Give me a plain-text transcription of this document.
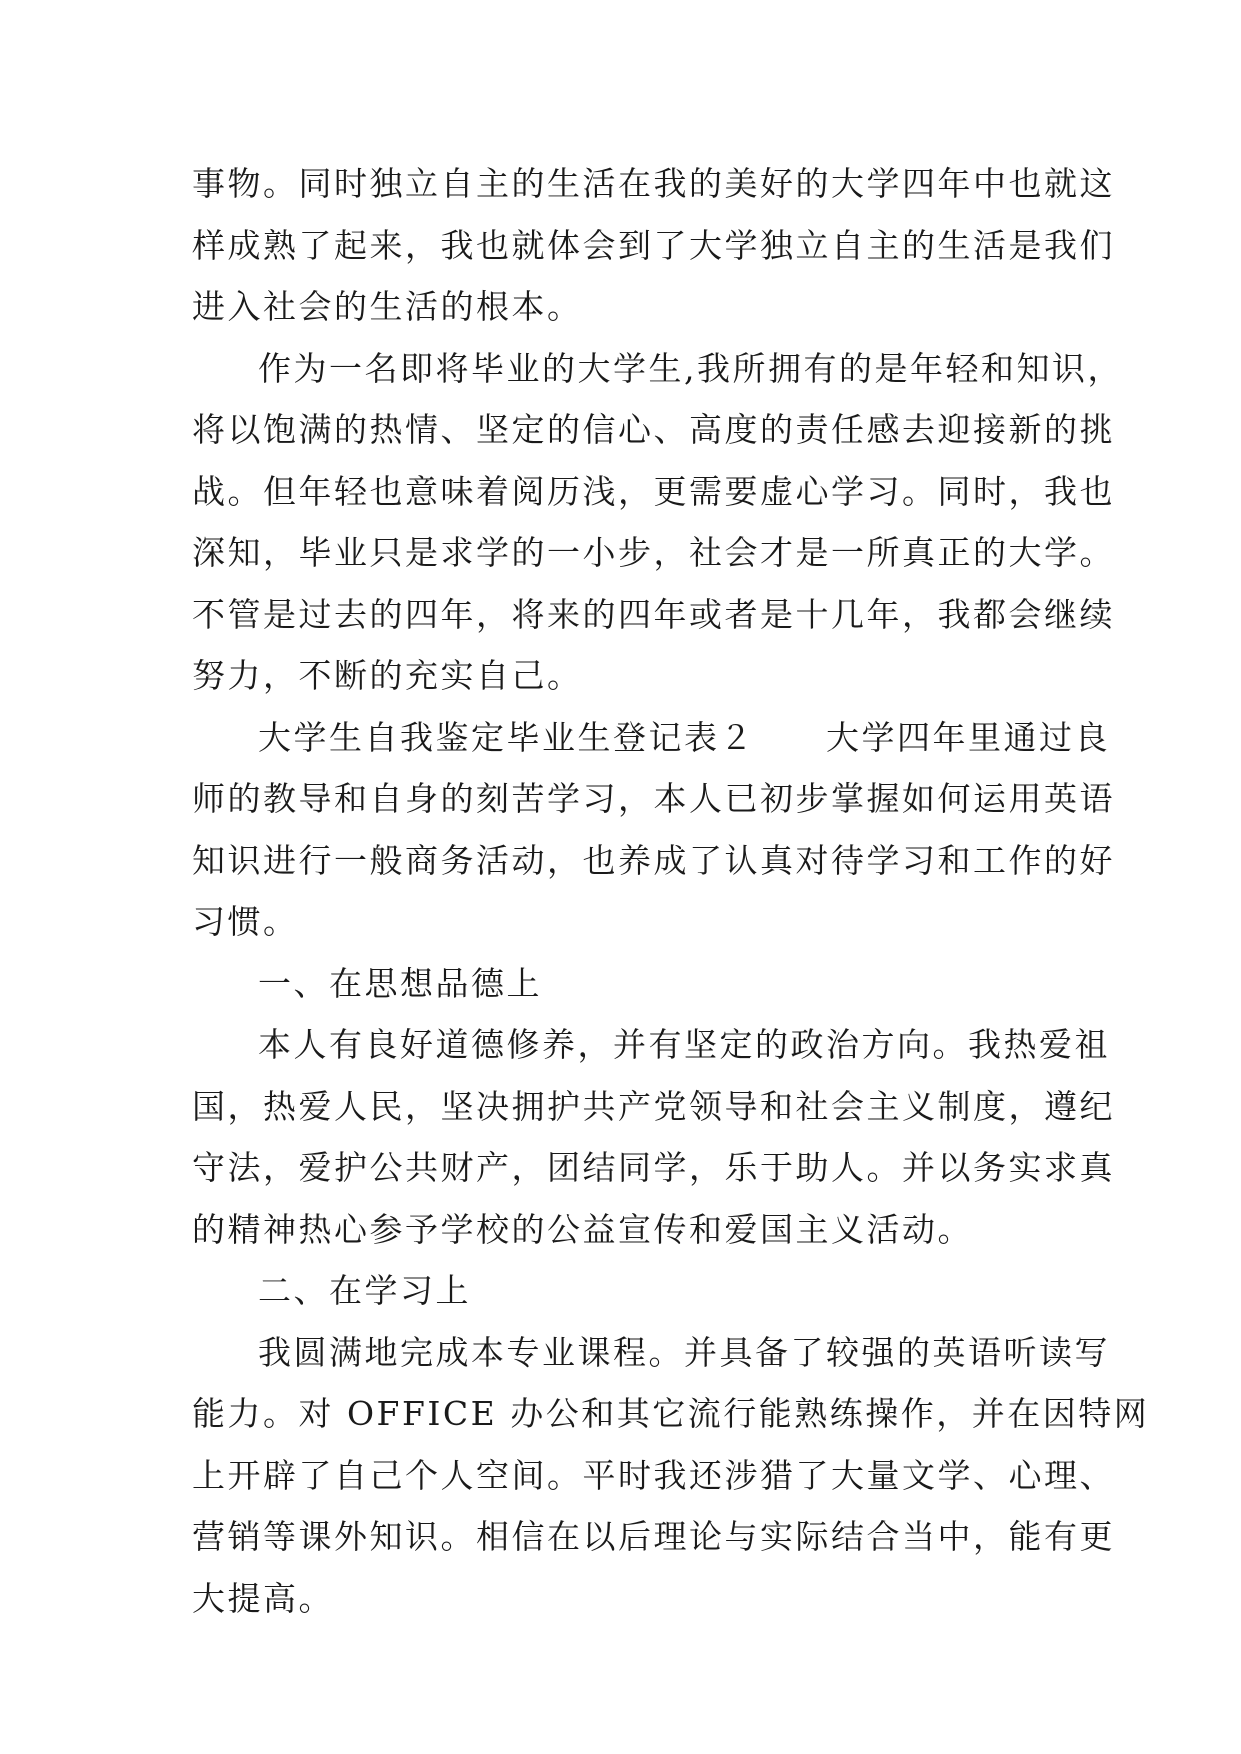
事物。同时独立自主的生活在我的美好的大学四年中也就这
样成熟了起来，我也就体会到了大学独立自主的生活是我们
进入社会的生活的根本。
作为一名即将毕业的大学生,我所拥有的是年轻和知识，
将以饱满的热情、坚定的信心、高度的责任感去迎接新的挑
战。但年轻也意味着阅历浅，更需要虚心学习。同时，我也
深知，毕业只是求学的一小步，社会才是一所真正的大学。
不管是过去的四年，将来的四年或者是十几年，我都会继续
努力，不断的充实自己。
大学生自我鉴定毕业生登记表２　　大学四年里通过良
师的教导和自身的刻苦学习，本人已初步掌握如何运用英语
知识进行一般商务活动，也养成了认真对待学习和工作的好
习惯。
一、在思想品德上
本人有良好道德修养，并有坚定的政治方向。我热爱祖
国，热爱人民，坚决拥护共产党领导和社会主义制度，遵纪
守法，爱护公共财产，团结同学，乐于助人。并以务实求真
的精神热心参予学校的公益宣传和爱国主义活动。
二、在学习上
我圆满地完成本专业课程。并具备了较强的英语听读写
能力。对 OFFICE 办公和其它流行能熟练操作，并在因特网
上开辟了自己个人空间。平时我还涉猎了大量文学、心理、
营销等课外知识。相信在以后理论与实际结合当中，能有更
大提高。
